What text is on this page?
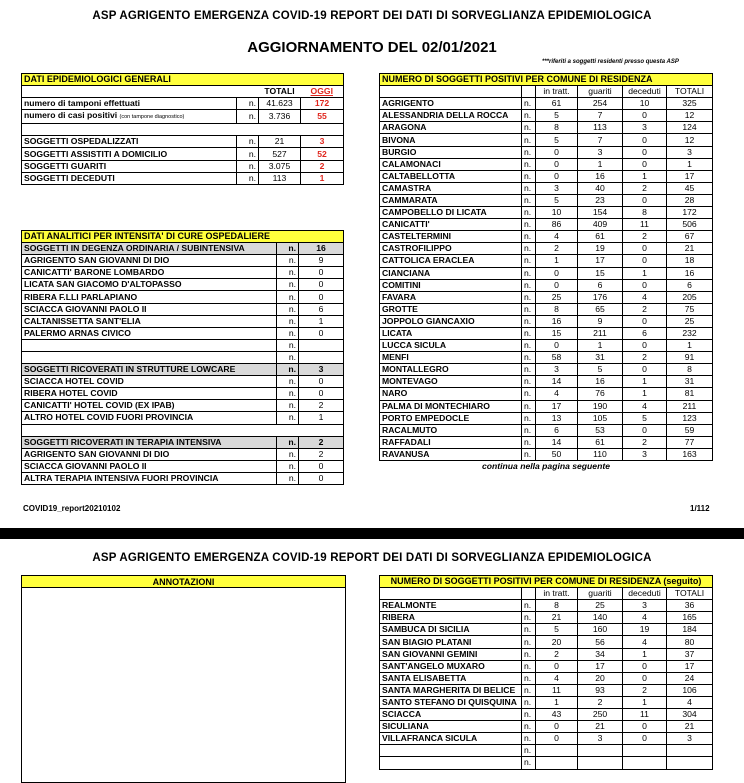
ASP AGRIGENTO EMERGENZA COVID-19 REPORT DEI DATI DI SORVEGLIANZA EPIDEMIOLOGICA
AGGIORNAMENTO DEL 02/01/2021
***riferiti a soggetti residenti presso questa ASP
DATI EPIDEMIOLOGICI GENERALI			
		TOTALI	OGGI
numero di tamponi effettuati	n.	41.623	172
numero di casi positivi (con tampone diagnostico)	n.	3.736	55

SOGGETTI OSPEDALIZZATI	n.	21	3
SOGGETTI ASSISTITI A DOMICILIO	n.	527	52
SOGGETTI GUARITI	n.	3.075	2
SOGGETTI DECEDUTI	n.	113	1
DATI ANALITICI PER INTENSITA' DI CURE OSPEDALIERE		
SOGGETTI IN DEGENZA ORDINARIA / SUBINTENSIVA	n.	16
AGRIGENTO SAN GIOVANNI DI DIO	n.	9
CANICATTI' BARONE LOMBARDO	n.	0
LICATA SAN GIACOMO D'ALTOPASSO	n.	0
RIBERA F.LLI PARLAPIANO	n.	0
SCIACCA GIOVANNI PAOLO II	n.	6
CALTANISSETTA SANT'ELIA	n.	1
PALERMO ARNAS CIVICO	n.	0
	n.	
	n.	
SOGGETTI RICOVERATI IN STRUTTURE LOWCARE	n.	3
SCIACCA HOTEL COVID	n.	0
RIBERA HOTEL COVID	n.	0
CANICATTI' HOTEL COVID (EX IPAB)	n.	2
ALTRO HOTEL COVID FUORI PROVINCIA	n.	1

SOGGETTI RICOVERATI IN TERAPIA INTENSIVA	n.	2
AGRIGENTO SAN GIOVANNI DI DIO	n.	2
SCIACCA GIOVANNI PAOLO II	n.	0
ALTRA TERAPIA INTENSIVA FUORI PROVINCIA	n.	0
NUMERO DI SOGGETTI POSITIVI PER COMUNE DI RESIDENZA					
		in tratt.	guariti	deceduti	TOTALI
AGRIGENTO	n.	61	254	10	325
ALESSANDRIA DELLA ROCCA	n.	5	7	0	12
ARAGONA	n.	8	113	3	124
BIVONA	n.	5	7	0	12
BURGIO	n.	0	3	0	3
CALAMONACI	n.	0	1	0	1
CALTABELLOTTA	n.	0	16	1	17
CAMASTRA	n.	3	40	2	45
CAMMARATA	n.	5	23	0	28
CAMPOBELLO DI LICATA	n.	10	154	8	172
CANICATTI'	n.	86	409	11	506
CASTELTERMINI	n.	4	61	2	67
CASTROFILIPPO	n.	2	19	0	21
CATTOLICA ERACLEA	n.	1	17	0	18
CIANCIANA	n.	0	15	1	16
COMITINI	n.	0	6	0	6
FAVARA	n.	25	176	4	205
GROTTE	n.	8	65	2	75
JOPPOLO GIANCAXIO	n.	16	9	0	25
LICATA	n.	15	211	6	232
LUCCA SICULA	n.	0	1	0	1
MENFI	n.	58	31	2	91
MONTALLEGRO	n.	3	5	0	8
MONTEVAGO	n.	14	16	1	31
NARO	n.	4	76	1	81
PALMA DI MONTECHIARO	n.	17	190	4	211
PORTO EMPEDOCLE	n.	13	105	5	123
RACALMUTO	n.	6	53	0	59
RAFFADALI	n.	14	61	2	77
RAVANUSA	n.	50	110	3	163
continua nella pagina seguente					
COVID19_report20210102	1/112
ASP AGRIGENTO EMERGENZA COVID-19 REPORT DEI DATI DI SORVEGLIANZA EPIDEMIOLOGICA
ANNOTAZIONI	NUMERO DI SOGGETTI POSITIVI PER COMUNE DI RESIDENZA (seguito)					
		in tratt.	guariti	deceduti	TOTALI
REALMONTE	n.	8	25	3	36
RIBERA	n.	21	140	4	165
SAMBUCA DI SICILIA	n.	5	160	19	184
SAN BIAGIO PLATANI	n.	20	56	4	80
SAN GIOVANNI GEMINI	n.	2	34	1	37
SANT'ANGELO MUXARO	n.	0	17	0	17
SANTA ELISABETTA	n.	4	20	0	24
SANTA MARGHERITA DI BELICE	n.	11	93	2	106
SANTO STEFANO DI QUISQUINA	n.	1	2	1	4
SCIACCA	n.	43	250	11	304
SICULIANA	n.	0	21	0	21
VILLAFRANCA SICULA	n.	0	3	0	3
	n.				
	n.				
